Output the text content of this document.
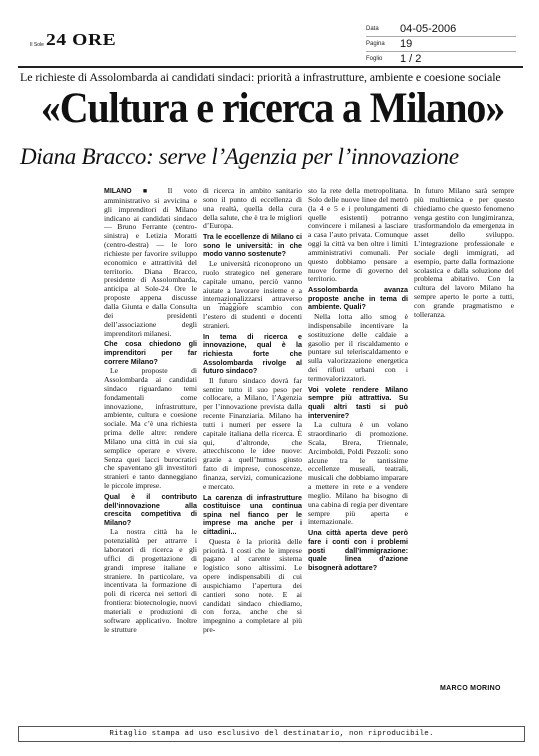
Il Sole 24 ORE
Data	04-05-2006
Pagina	19
Foglio	1 / 2
Le richieste di Assolombarda ai candidati sindaci: priorità a infrastrutture, ambiente e coesione sociale
«Cultura e ricerca a Milano»
Diana Bracco: serve l’Agenzia per l’innovazione

MILANO ■ Il voto amministrativo si avvicina e gli imprenditori di Milano indicano ai candidati sindaco — Bruno Ferrante (centro-sinistra) e Letizia Moratti (centro-destra) — le loro richieste per favorire sviluppo economico e attrattività del territorio. Diana Bracco, presidente di Assolombarda, anticipa al Sole-24 Ore le proposte appena discusse dalla Giunta e dalla Consulta dei presidenti dell’associazione degli imprenditori milanesi.

Che cosa chiedono gli imprenditori per far correre Milano?

Le proposte di Assolombarda ai candidati sindaco riguardano temi fondamentali come innovazione, infrastrutture, ambiente, cultura e coesione sociale. Ma c’è una richiesta prima delle altre: rendere Milano una città in cui sia semplice operare e vivere. Senza quei lacci burocratici che spaventano gli investitori stranieri e tanto danneggiano le piccole imprese.

Qual è il contributo dell’innovazione alla crescita competitiva di Milano?

La nostra città ha le potenzialità per attrarre i laboratori di ricerca e gli uffici di progettazione di grandi imprese italiane e straniere. In particolare, va incentivata la formazione di poli di ricerca nei settori di frontiera: biotecnologie, nuovi materiali e produzioni di software applicativo. Inoltre le strutture

di ricerca in ambito sanitario sono il punto di eccellenza di una realtà, quella della cura della salute, che è tra le migliori d’Europa.

Tra le eccellenze di Milano ci sono le università: in che modo vanno sostenute?

Le università riconoprono un ruolo strategico nel generare capitale umano, perciò vanno aiutate a lavorare insieme e a internazionalizzarsi attraverso un maggiore scambio con l’estero di studenti e docenti stranieri.

In tema di ricerca e innovazione, qual è la richiesta forte che Assolombarda rivolge al futuro sindaco?

Il futuro sindaco dovrà far sentire tutto il suo peso per collocare, a Milano, l’Agenzia per l’innovazione prevista dalla recente Finanziaria. Milano ha tutti i numeri per essere la capitale italiana della ricerca. È qui, d’altronde, che attecchiscono le idee nuove: grazie a quell’humus giusto fatto di imprese, conoscenze, finanza, servizi, comunicazione e mercato.

La carenza di infrastrutture costituisce una continua spina nel fianco per le imprese ma anche per i cittadini...

Questa è la priorità delle priorità. I costi che le imprese pagano al carente sistema logistico sono altissimi. Le opere indispensabili di cui auspichiamo l’apertura dei cantieri sono note. E ai candidati sindaco chiediamo, con forza, anche che si impegnino a completare al più pre-

sto la rete della metropolitana. Solo delle nuove linee del metrò (la 4 e 5 e i prolungamenti di quelle esistenti) potranno convincere i milanesi a lasciare a casa l’auto privata. Comunque oggi la città va ben oltre i limiti amministrativi comunali. Per questo dobbiamo pensare a nuove forme di governo del territorio.

Assolombarda avanza proposte anche in tema di ambiente. Quali?

Nella lotta allo smog è indispensabile incentivare la sostituzione delle caldaie a gasolio per il riscaldamento e puntare sul teleriscaldamento e sulla valorizzazione energetica dei rifiuti urbani con i termovalorizzatori.

Voi volete rendere Milano sempre più attrattiva. Su quali altri tasti si può intervenire?

La cultura è un volano straordinario di promozione. Scala, Brera, Triennale, Arcimboldi, Poldi Pezzoli: sono alcune tra le tantissime eccellenze museali, teatrali, musicali che dobbiamo imparare a mettere in rete e a vendere meglio. Milano ha bisogno di una cabina di regia per diventare sempre più aperta e internazionale.

Una città aperta deve però fare i conti con i problemi posti dall’immigrazione: quale linea d’azione bisognerà adottare?

In futuro Milano sarà sempre più multietnica e per questo chiediamo che questo fenomeno venga gestito con lungimiranza, trasformandolo da emergenza in asset dello sviluppo. L’integrazione professionale e sociale degli immigrati, ad esempio, parte dalla formazione scolastica e dalla soluzione del problema abitativo. Con la cultura del lavoro Milano ha sempre aperto le porte a tutti, con grande pragmatismo e tolleranza.

MARCO MORINO
Ritaglio stampa ad uso esclusivo del destinatario, non riproducibile.
